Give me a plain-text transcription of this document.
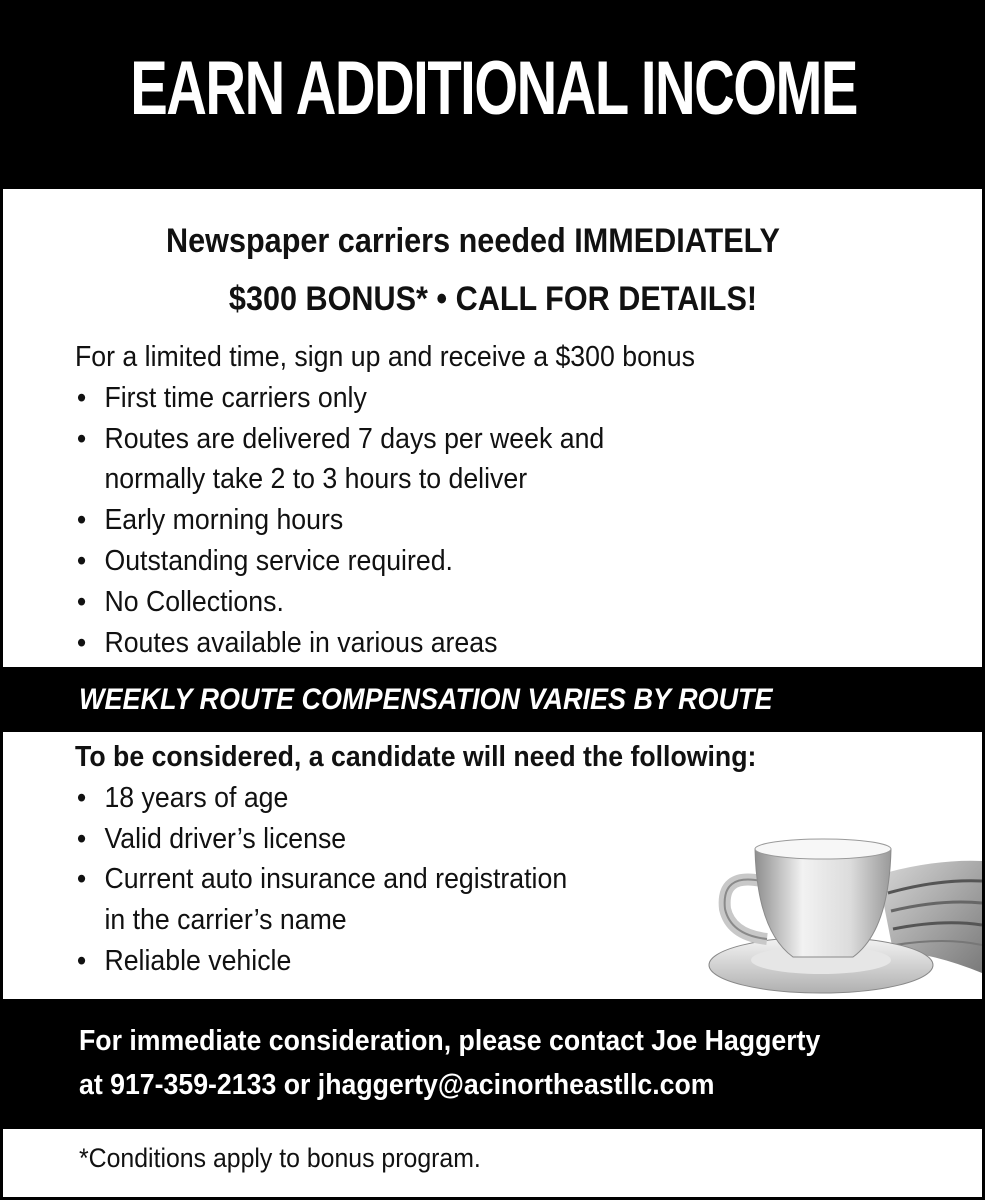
EARN ADDITIONAL INCOME
Newspaper carriers needed IMMEDIATELY
$300 BONUS* • CALL FOR DETAILS!

For a limited time, sign up and receive a $300 bonus

• First time carriers only
• Routes are delivered 7 days per week and
normally take 2 to 3 hours to deliver
• Early morning hours
• Outstanding service required.
• No Collections.
• Routes available in various areas
WEEKLY ROUTE COMPENSATION VARIES BY ROUTE

To be considered, a candidate will need the following:

• 18 years of age
• Valid driver’s license
• Current auto insurance and registration
in the carrier’s name
• Reliable vehicle

For immediate consideration, please contact Joe Haggerty

at 917-359-2133 or jhaggerty@acinortheastllc.com

*Conditions apply to bonus program.
